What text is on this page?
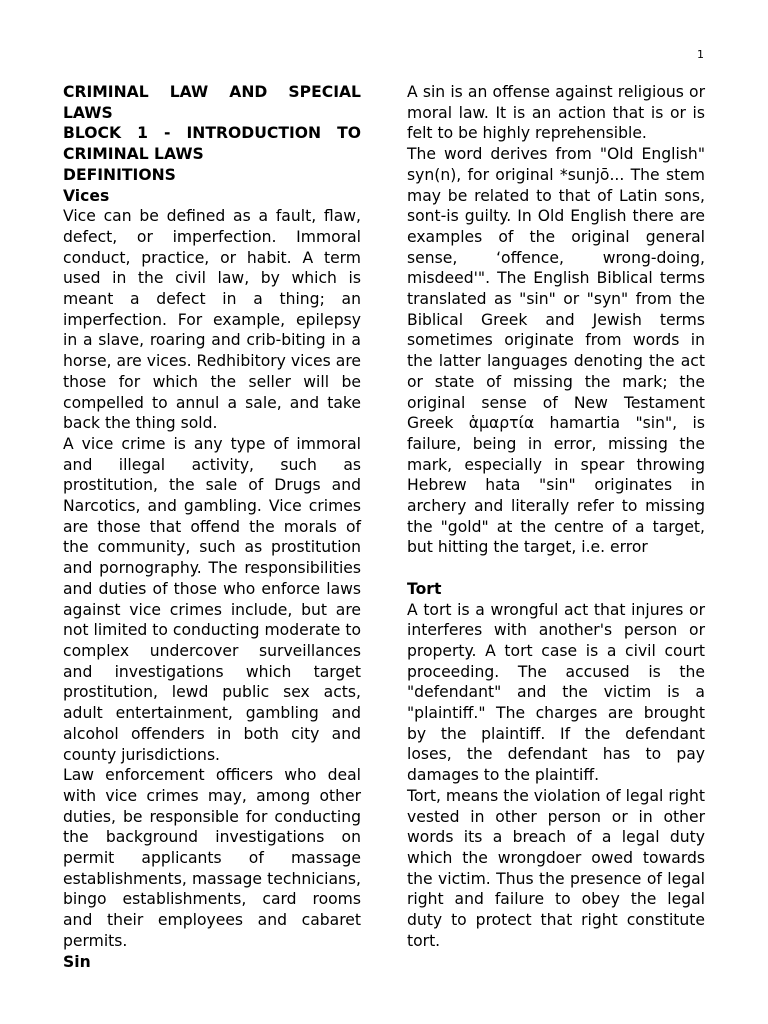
1

CRIMINAL LAW AND SPECIAL LAWS

BLOCK 1 - INTRODUCTION TO CRIMINAL LAWS

DEFINITIONS

Vices

Vice can be defined as a fault, flaw, defect, or imperfection. Immoral conduct, practice, or habit. A term used in the civil law, by which is meant a defect in a thing; an imperfection. For example, epilepsy in a slave, roaring and crib-biting in a horse, are vices. Redhibitory vices are those for which the seller will be compelled to annul a sale, and take back the thing sold.

A vice crime is any type of immoral and illegal activity, such as prostitution, the sale of Drugs and Narcotics, and gambling. Vice crimes are those that offend the morals of the community, such as prostitution and pornography. The responsibilities and duties of those who enforce laws against vice crimes include, but are not limited to conducting moderate to complex undercover surveillances and investigations which target prostitution, lewd public sex acts, adult entertainment, gambling and alcohol offenders in both city and county jurisdictions.

Law enforcement officers who deal with vice crimes may, among other duties, be responsible for conducting the background investigations on permit applicants of massage establishments, massage technicians, bingo establishments, card rooms and their employees and cabaret permits.

Sin

A sin is an offense against religious or moral law. It is an action that is or is felt to be highly reprehensible.

The word derives from "Old English" syn(n), for original *sunjō... The stem may be related to that of Latin sons, sont-is guilty. In Old English there are examples of the original general sense, ‘offence, wrong-doing, misdeed'". The English Biblical terms translated as "sin" or "syn" from the Biblical Greek and Jewish terms sometimes originate from words in the latter languages denoting the act or state of missing the mark; the original sense of New Testament Greek ἁμαρτία hamartia "sin", is failure, being in error, missing the mark, especially in spear throwing Hebrew hata "sin" originates in archery and literally refer to missing the "gold" at the centre of a target, but hitting the target, i.e. error

Tort

A tort is a wrongful act that injures or interferes with another's person or property. A tort case is a civil court proceeding. The accused is the "defendant" and the victim is a "plaintiff." The charges are brought by the plaintiff. If the defendant loses, the defendant has to pay damages to the plaintiff.

Tort, means the violation of legal right vested in other person or in other words its a breach of a legal duty which the wrongdoer owed towards the victim. Thus the presence of legal right and failure to obey the legal duty to protect that right constitute tort.
